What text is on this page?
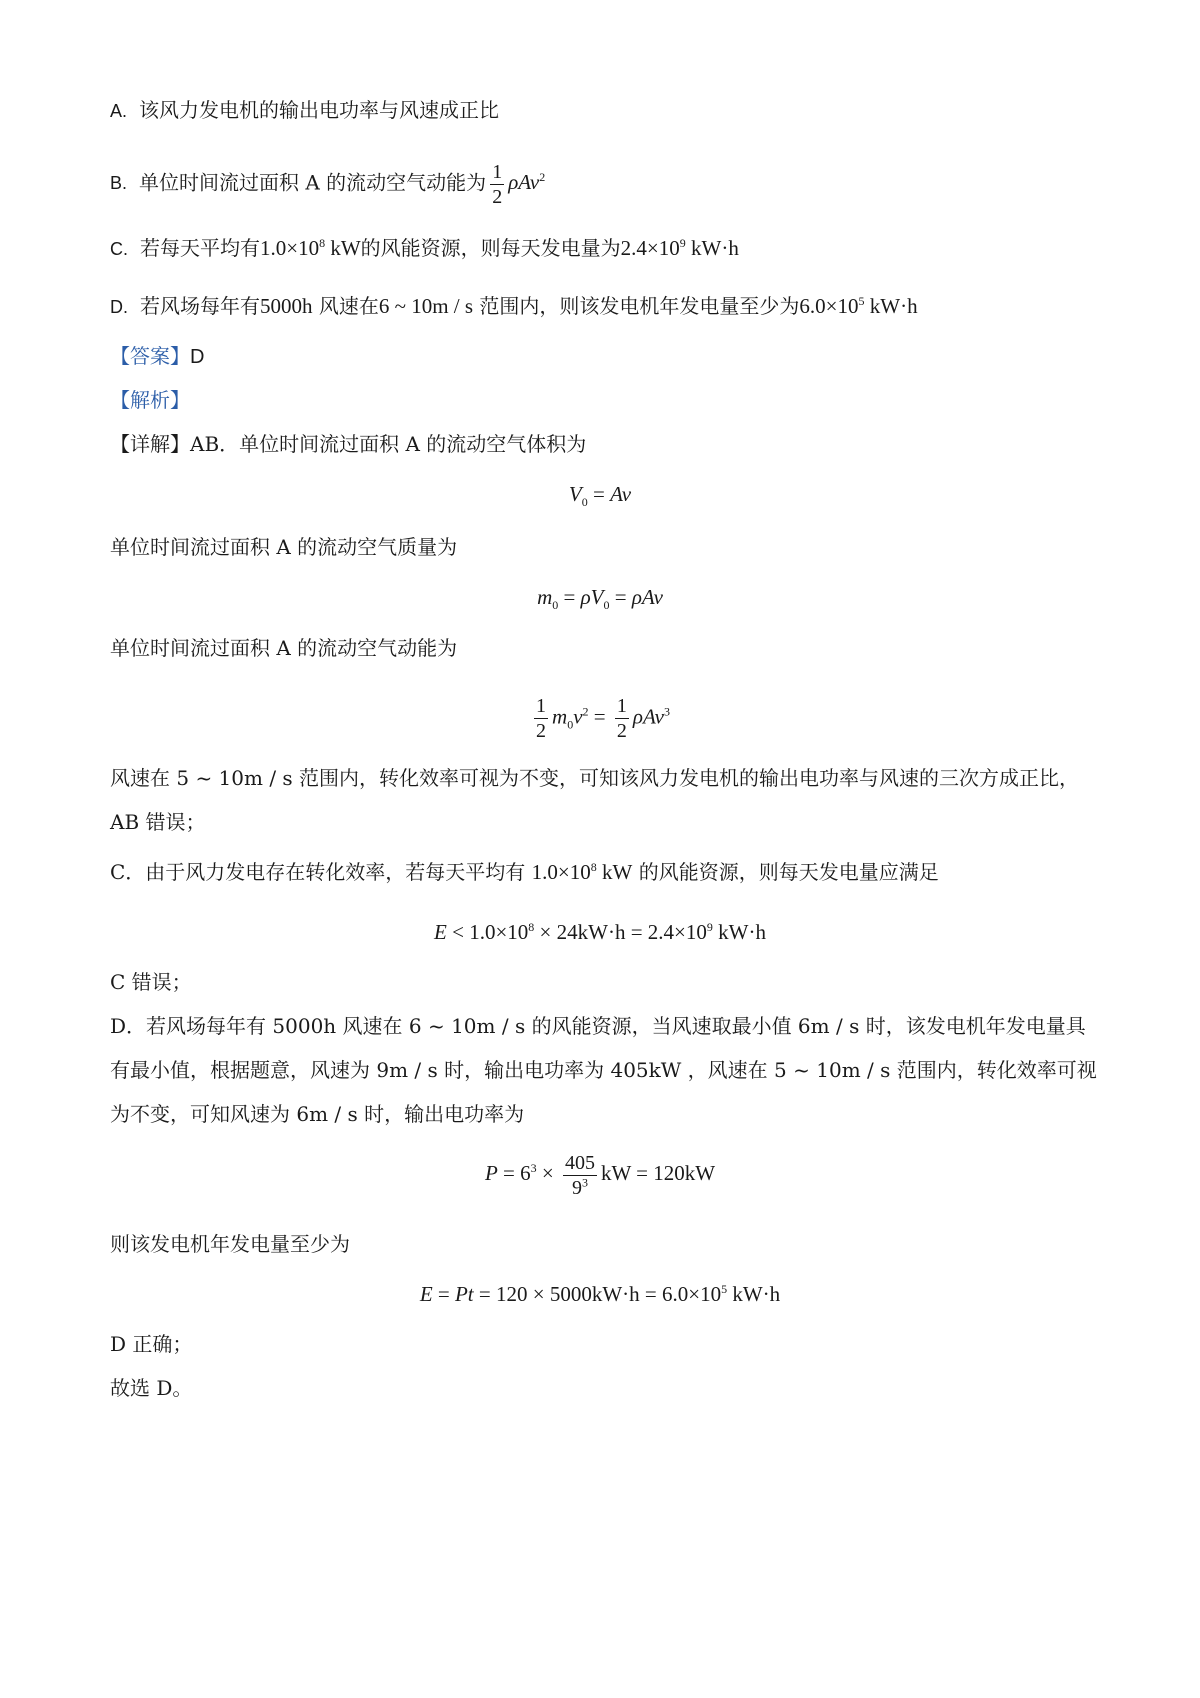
A. 该风力发电机的输出电功率与风速成正比
B. 单位时间流过面积 A 的流动空气动能为 $\frac{1}{2} \rho Av^2$
C. 若每天平均有$1.0\times 10^8$ kW的风能资源，则每天发电量为$2.4\times 10^9$ kW·h
D. 若风场每年有5000h 风速在6 ~ 10m / s 范围内，则该发电机年发电量至少为$6.0\times 10^5$ kW·h
【答案】D
【解析】
【详解】AB．单位时间流过面积 A 的流动空气体积为
$V_0 = Av$
单位时间流过面积 A 的流动空气质量为
$m_0 = \rho V_0 = \rho Av$
单位时间流过面积 A 的流动空气动能为
$\frac{1}{2} m_0v^2 = \frac{1}{2} \rho Av^3$
风速在 5 ~ 10m / s 范围内，转化效率可视为不变，可知该风力发电机的输出电功率与风速的三次方成正比，
AB 错误；
C．由于风力发电存在转化效率，若每天平均有 $1.0\times 10^8$ kW 的风能资源，则每天发电量应满足
$E < 1.0\times 10^8 \times 24kW\cdot h = 2.4\times 10^9$ kW·h
C 错误；
D．若风场每年有 5000h 风速在 6 ~ 10m / s 的风能资源，当风速取最小值 6m / s 时，该发电机年发电量具
有最小值，根据题意，风速为 9m / s 时，输出电功率为 405kW ，风速在 5 ~ 10m / s 范围内，转化效率可视
为不变，可知风速为 6m / s 时，输出电功率为
$P = 6^3 \times \frac{405}{9^3}$ kW = 120kW
则该发电机年发电量至少为
$E = Pt = 120 \times 5000kW\cdot h = 6.0\times 10^5$ kW·h
D 正确；
故选 D。
